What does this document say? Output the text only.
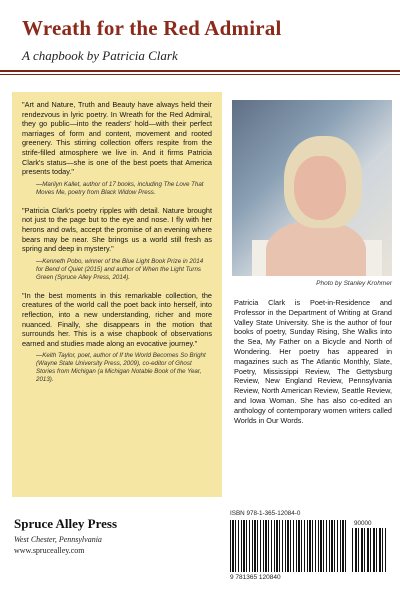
Wreath for the Red Admiral
A chapbook by Patricia Clark

"Art and Nature, Truth and Beauty have always held their rendezvous in lyric poetry. In Wreath for the Red Admiral, they go public—into the readers' hold—with their perfect marriages of form and content, movement and rooted greenery. This stirring collection offers respite from the strife-filled atmosphere we live in. And it firms Patricia Clark's status—she is one of the best poets that America presents today."

—Marilyn Kallet, author of 17 books, including The Love That Moves Me, poetry from Black Widow Press.

"Patricia Clark's poetry ripples with detail. Nature brought not just to the page but to the eye and nose. I fly with her herons and owls, accept the promise of an evening where bears may be near. She brings us a world still fresh as spring and deep in mystery."

—Kenneth Pobo, winner of the Blue Light Book Prize in 2014 for Bend of Quiet (2015) and author of When the Light Turns Green (Spruce Alley Press, 2014).

"In the best moments in this remarkable collection, the creatures of the world call the poet back into herself, into reflection, into a new understanding, richer and more nuanced. Finally, she disappears in the motion that surrounds her. This is a wise chapbook of observations earned and studies made along an evocative journey."

—Keith Taylor, poet, author of If the World Becomes So Bright (Wayne State University Press, 2009), co-editor of Ghost Stories from Michigan (a Michigan Notable Book of the Year, 2013).
Photo by Stanley Krohmer
Patricia Clark is Poet-in-Residence and Professor in the Department of Writing at Grand Valley State University. She is the author of four books of poetry, Sunday Rising, She Walks into the Sea, My Father on a Bicycle and North of Wondering. Her poetry has appeared in magazines such as The Atlantic Monthly, Slate, Poetry, Mississippi Review, The Gettysburg Review, New England Review, Pennsylvania Review, North American Review, Seattle Review, and Iowa Woman. She has also co-edited an anthology of contemporary women writers called Worlds in Our Words.
Spruce Alley Press
West Chester, Pennsylvania
www.sprucealley.com
ISBN 978-1-365-12084-0
90000
9 781365 120840
